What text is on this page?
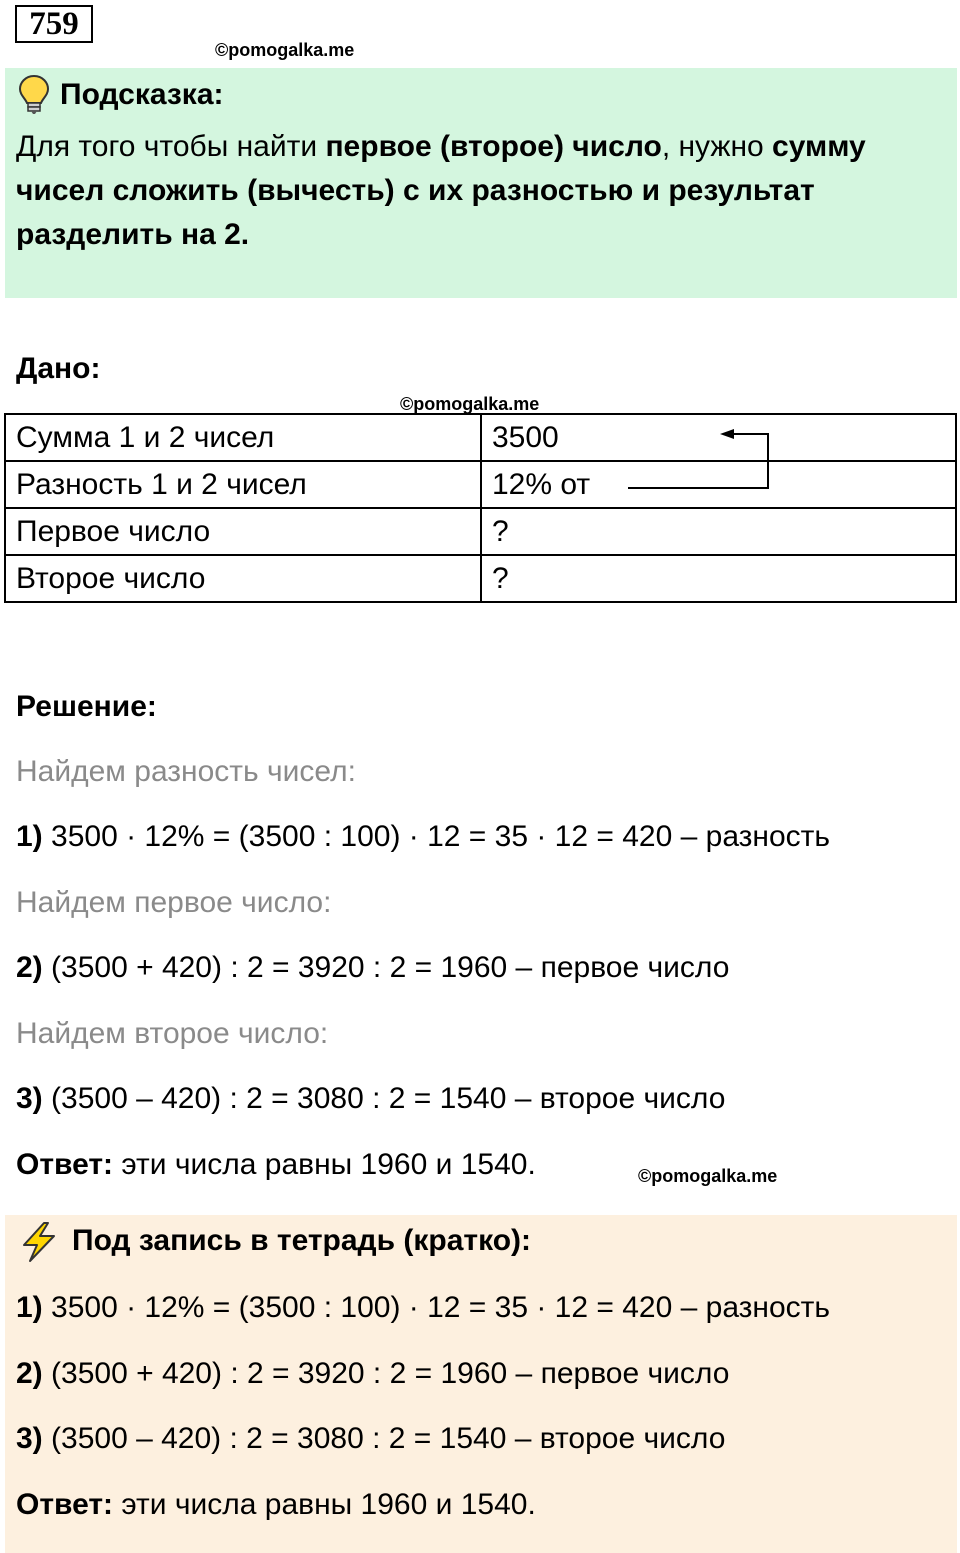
759
©pomogalka.me
Подсказка:
Для того чтобы найти первое (второе) число, нужно сумму чисел сложить (вычесть) с их разностью и результат разделить на 2.
Дано:
©pomogalka.me
Сумма 1 и 2 чисел	3500
Разность 1 и 2 чисел	12% от
Первое число	?
Второе число	?
Решение:
Найдем разность чисел:
1) 3500 · 12% = (3500 : 100) · 12 = 35 · 12 = 420 – разность
Найдем первое число:
2) (3500 + 420) : 2 = 3920 : 2 = 1960 – первое число
Найдем второе число:
3) (3500 – 420) : 2 = 3080 : 2 = 1540 – второе число
Ответ: эти числа равны 1960 и 1540.	©pomogalka.me
Под запись в тетрадь (кратко):
1) 3500 · 12% = (3500 : 100) · 12 = 35 · 12 = 420 – разность
2) (3500 + 420) : 2 = 3920 : 2 = 1960 – первое число
3) (3500 – 420) : 2 = 3080 : 2 = 1540 – второе число
Ответ: эти числа равны 1960 и 1540.
